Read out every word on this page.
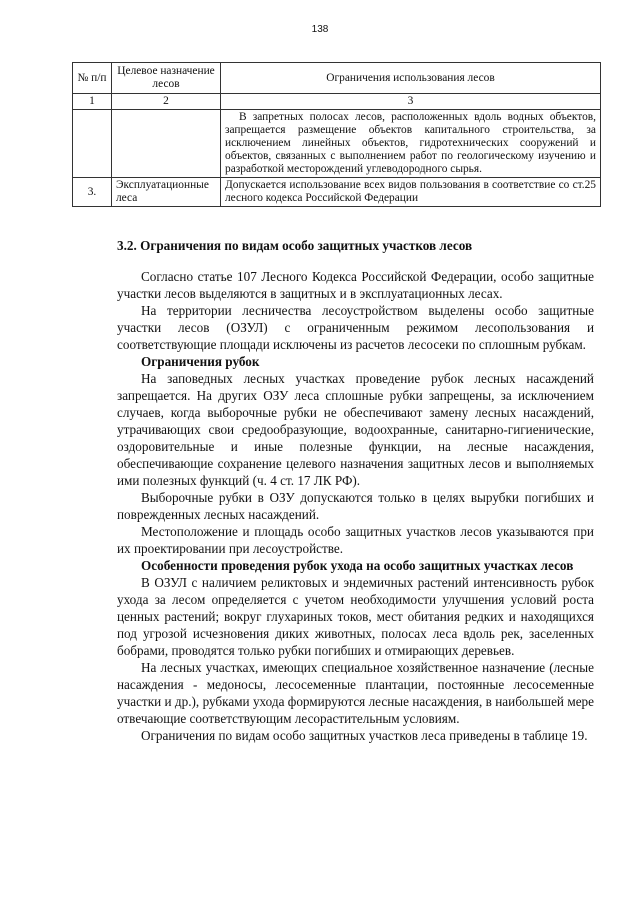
138
№ п/п	Целевое назначение лесов	Ограничения использования лесов
1	2	3
		В запретных полосах лесов, расположенных вдоль водных объектов, запрещается размещение объектов капитального строительства, за исключением линейных объектов, гидротехнических сооружений и объектов, связанных с выполнением работ по геологическому изучению и разработкой месторождений углеводородного сырья.
3.	Эксплуатационные леса	Допускается использование всех видов пользования в соответствие со ст.25 лесного кодекса Российской Федерации
3.2. Ограничения по видам особо защитных участков лесов

Согласно статье 107 Лесного Кодекса Российской Федерации, особо защитные участки лесов выделяются в защитных и в эксплуатационных лесах.

На территории лесничества лесоустройством выделены особо защитные участки лесов (ОЗУЛ) с ограниченным режимом лесопользования и соответствующие площади исключены из расчетов лесосеки по сплошным рубкам.

Ограничения рубок

На заповедных лесных участках проведение рубок лесных насаждений запрещается. На других ОЗУ леса сплошные рубки запрещены, за исключением случаев, когда выборочные рубки не обеспечивают замену лесных насаждений, утрачивающих свои средообразующие, водоохранные, санитарно-гигиенические, оздоровительные и иные полезные функции, на лесные насаждения, обеспечивающие сохранение целевого назначения защитных лесов и выполняемых ими полезных функций (ч. 4 ст. 17 ЛК РФ).

Выборочные рубки в ОЗУ допускаются только в целях вырубки погибших и поврежденных лесных насаждений.

Местоположение и площадь особо защитных участков лесов указываются при их проектировании при лесоустройстве.

Особенности проведения рубок ухода на особо защитных участках лесов

В ОЗУЛ с наличием реликтовых и эндемичных растений интенсивность рубок ухода за лесом определяется с учетом необходимости улучшения условий роста ценных растений; вокруг глухариных токов, мест обитания редких и находящихся под угрозой исчезновения диких животных, полосах леса вдоль рек, заселенных бобрами, проводятся только рубки погибших и отмирающих деревьев.

На лесных участках, имеющих специальное хозяйственное назначение (лесные насаждения - медоносы, лесосеменные плантации, постоянные лесосеменные участки и др.), рубками ухода формируются лесные насаждения, в наибольшей мере отвечающие соответствующим лесорастительным условиям.

Ограничения по видам особо защитных участков леса приведены в таблице 19.
